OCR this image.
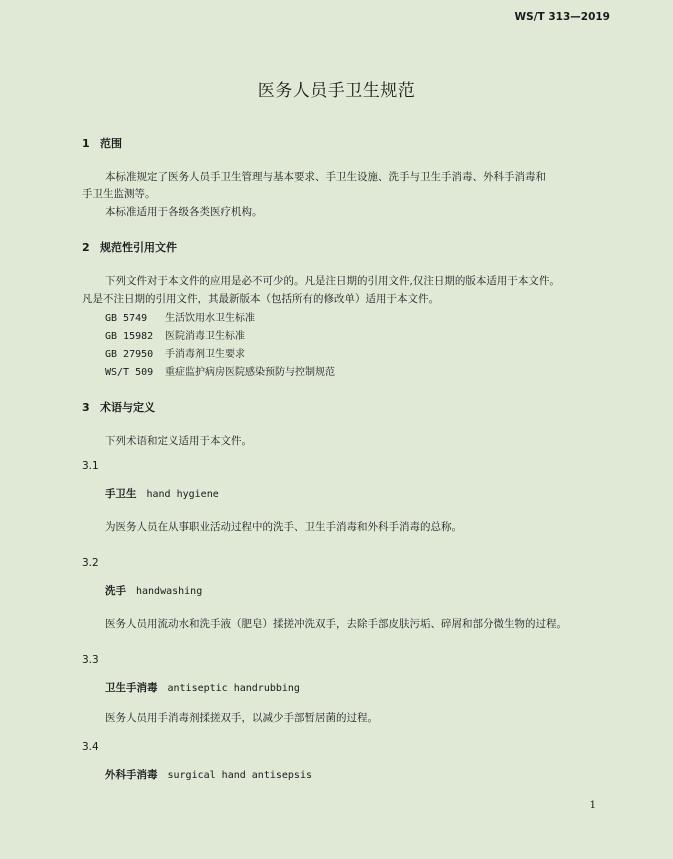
WS/T 313—2019
医务人员手卫生规范
1 范围
本标准规定了医务人员手卫生管理与基本要求、手卫生设施、洗手与卫生手消毒、外科手消毒和
手卫生监测等。
本标准适用于各级各类医疗机构。
2 规范性引用文件
下列文件对于本文件的应用是必不可少的。凡是注日期的引用文件,仅注日期的版本适用于本文件。
凡是不注日期的引用文件，其最新版本（包括所有的修改单）适用于本文件。
GB 5749 生活饮用水卫生标准
GB 15982 医院消毒卫生标准
GB 27950 手消毒剂卫生要求
WS/T 509 重症监护病房医院感染预防与控制规范
3 术语与定义
下列术语和定义适用于本文件。
3.1
手卫生 hand hygiene
为医务人员在从事职业活动过程中的洗手、卫生手消毒和外科手消毒的总称。
3.2
洗手 handwashing
医务人员用流动水和洗手液（肥皂）揉搓冲洗双手，去除手部皮肤污垢、碎屑和部分微生物的过程。
3.3
卫生手消毒 antiseptic handrubbing
医务人员用手消毒剂揉搓双手，以减少手部暂居菌的过程。
3.4
外科手消毒 surgical hand antisepsis
1
